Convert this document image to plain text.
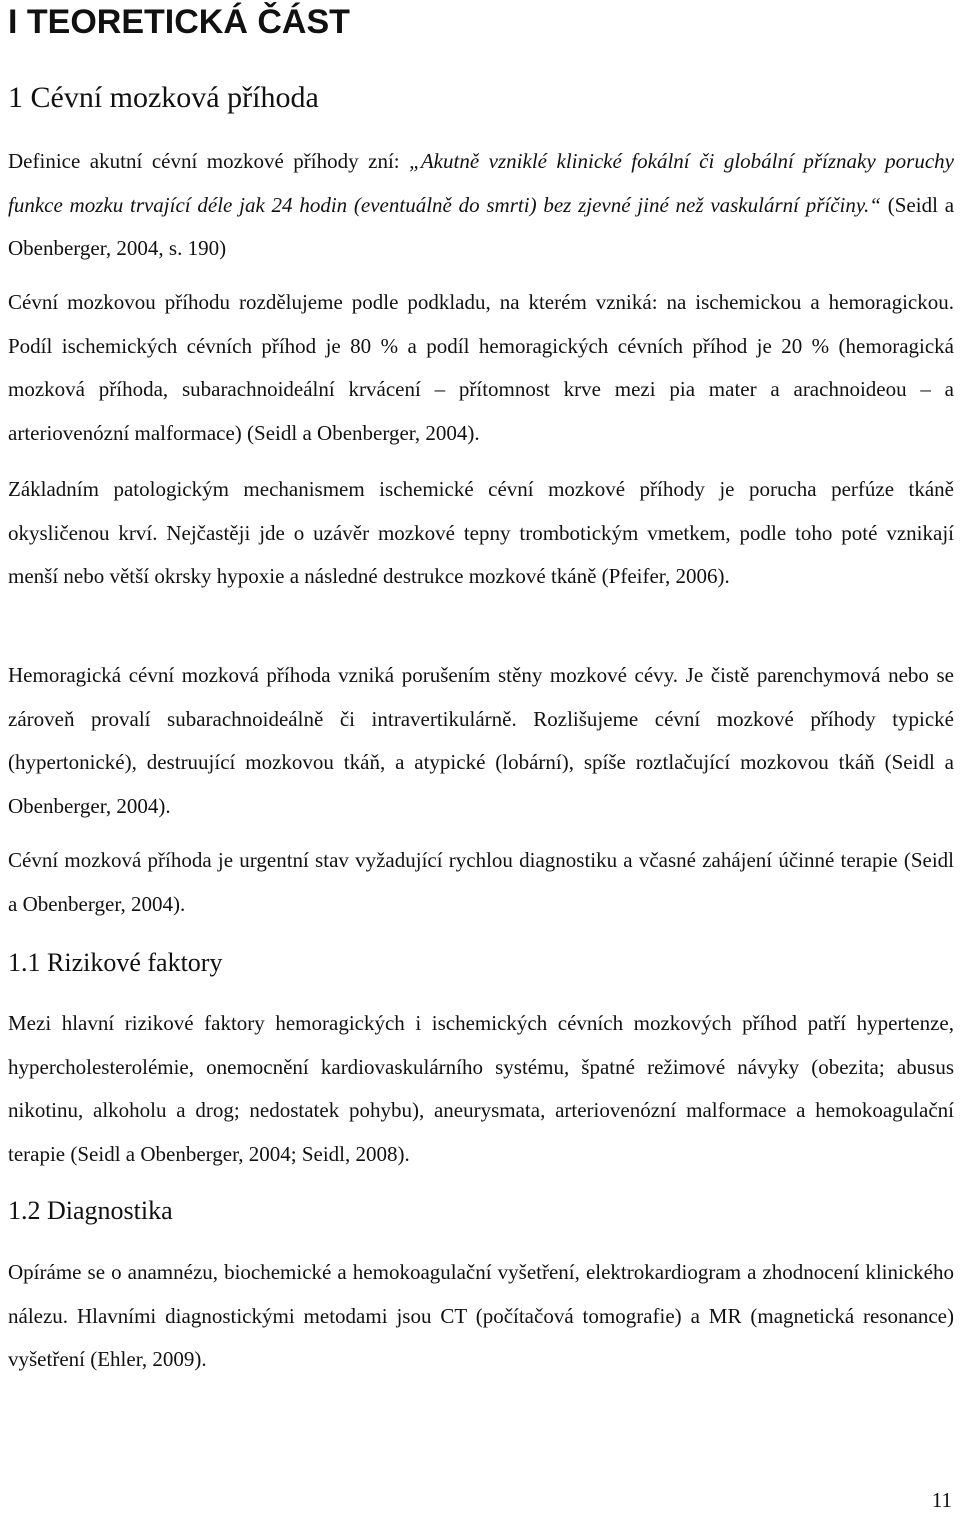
I TEORETICKÁ ČÁST
1 Cévní mozková příhoda

Definice akutní cévní mozkové příhody zní: „Akutně vzniklé klinické fokální či globální příznaky poruchy funkce mozku trvající déle jak 24 hodin (eventuálně do smrti) bez zjevné jiné než vaskulární příčiny.“ (Seidl a Obenberger, 2004, s. 190)

Cévní mozkovou příhodu rozdělujeme podle podkladu, na kterém vzniká: na ischemickou a hemoragickou. Podíl ischemických cévních příhod je 80 % a podíl hemoragických cévních příhod je 20 % (hemoragická mozková příhoda, subarachnoideální krvácení – přítomnost krve mezi pia mater a arachnoideou – a arteriovenózní malformace) (Seidl a Obenberger, 2004).

Základním patologickým mechanismem ischemické cévní mozkové příhody je porucha perfúze tkáně okysličenou krví. Nejčastěji jde o uzávěr mozkové tepny trombotickým vmetkem, podle toho poté vznikají menší nebo větší okrsky hypoxie a následné destrukce mozkové tkáně (Pfeifer, 2006).

Hemoragická cévní mozková příhoda vzniká porušením stěny mozkové cévy. Je čistě parenchymová nebo se zároveň provalí subarachnoideálně či intravertikulárně. Rozlišujeme cévní mozkové příhody typické (hypertonické), destruující mozkovou tkáň, a atypické (lobární), spíše roztlačující mozkovou tkáň (Seidl a Obenberger, 2004).

Cévní mozková příhoda je urgentní stav vyžadující rychlou diagnostiku a včasné zahájení účinné terapie (Seidl a Obenberger, 2004).

1.1 Rizikové faktory

Mezi hlavní rizikové faktory hemoragických i ischemických cévních mozkových příhod patří hypertenze, hypercholesterolémie, onemocnění kardiovaskulárního systému, špatné režimové návyky (obezita; abusus nikotinu, alkoholu a drog; nedostatek pohybu), aneurysmata, arteriovenózní malformace a hemokoagulační terapie (Seidl a Obenberger, 2004; Seidl, 2008).

1.2 Diagnostika

Opíráme se o anamnézu, biochemické a hemokoagulační vyšetření, elektrokardiogram a zhodnocení klinického nálezu. Hlavními diagnostickými metodami jsou CT (počítačová tomografie) a MR (magnetická resonance) vyšetření (Ehler, 2009).

11
